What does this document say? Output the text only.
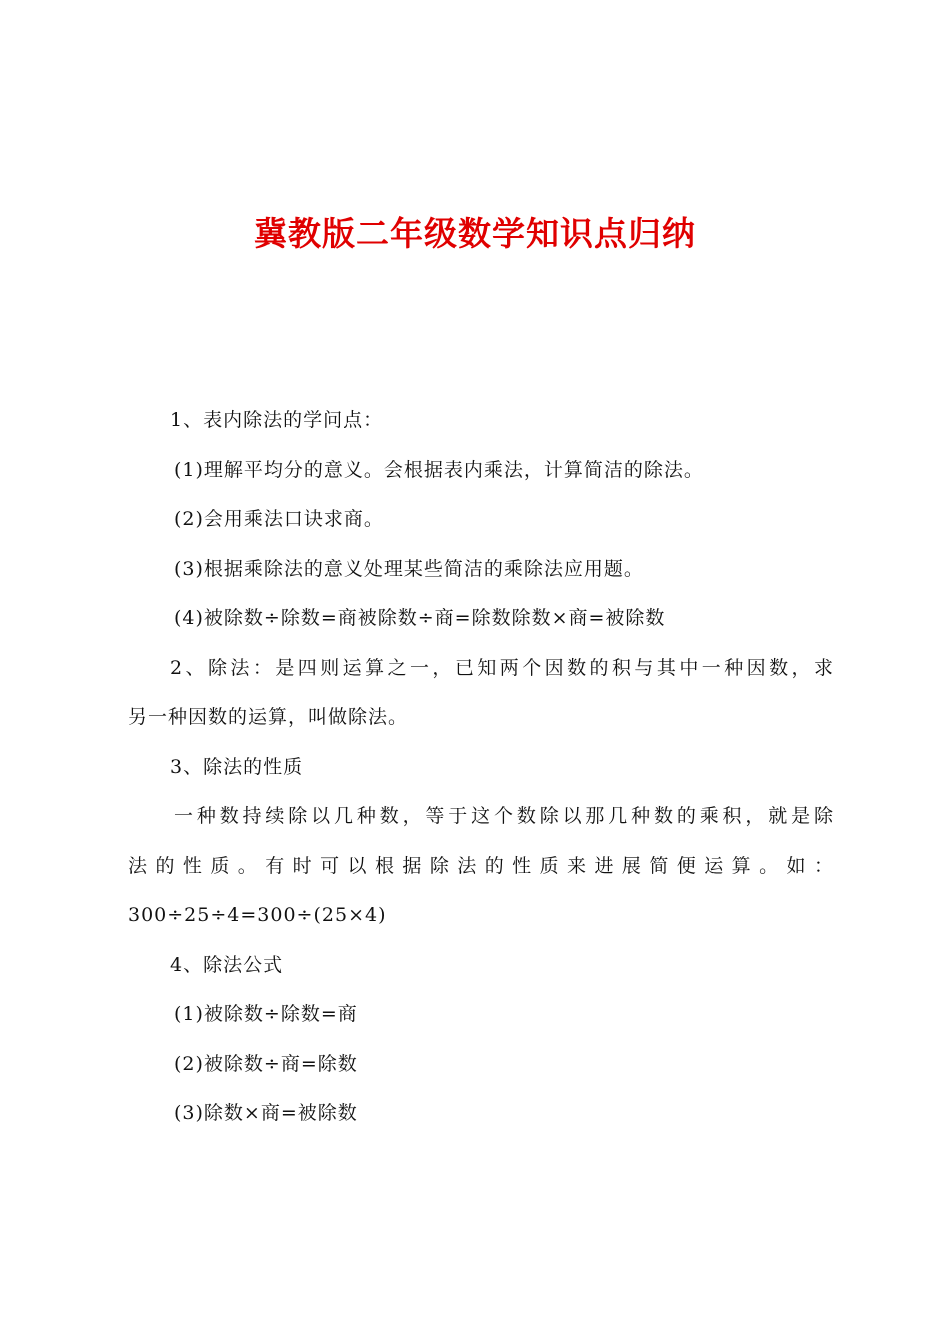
冀教版二年级数学知识点归纳

1、表内除法的学问点：

(1)理解平均分的意义。会根据表内乘法，计算简洁的除法。

(2)会用乘法口诀求商。

(3)根据乘除法的意义处理某些简洁的乘除法应用题。

(4)被除数÷除数=商被除数÷商=除数除数×商=被除数

2、除法：是四则运算之一，已知两个因数的积与其中一种因数，求
另一种因数的运算，叫做除法。

3、除法的性质

一种数持续除以几种数，等于这个数除以那几种数的乘积，就是除
法的性质。有时可以根据除法的性质来进展简便运算。如：
300÷25÷4=300÷(25×4)

4、除法公式

(1)被除数÷除数=商

(2)被除数÷商=除数

(3)除数×商=被除数
